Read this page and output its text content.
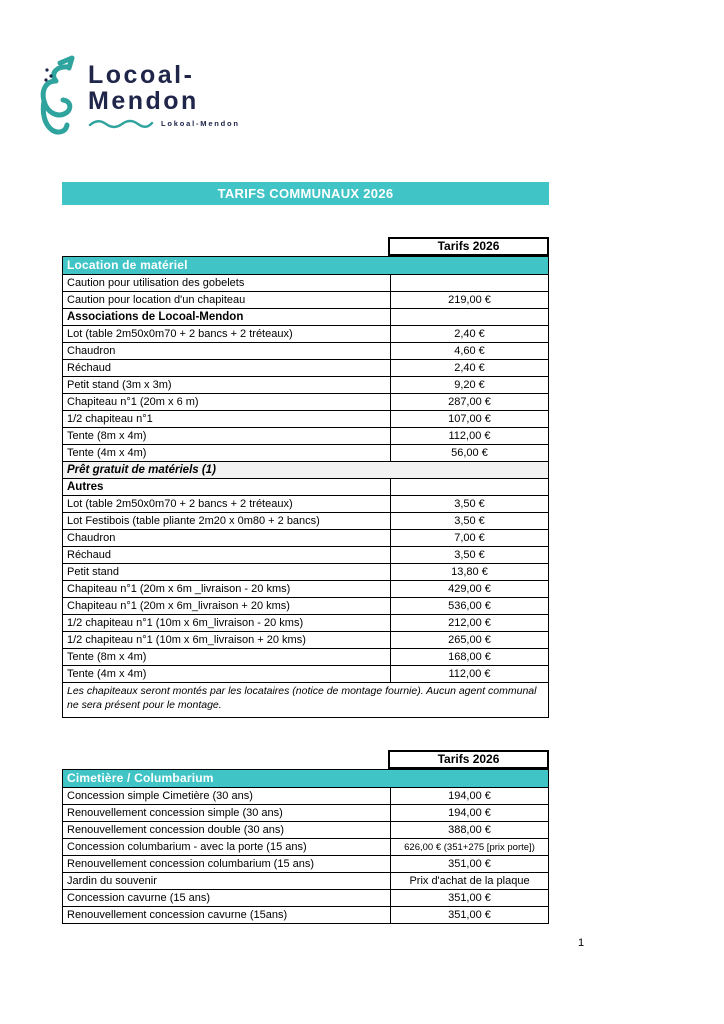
Locoal-
Mendon
Lokoal-Mendon
TARIFS COMMUNAUX 2026
Tarifs 2026
Location de matériel
Caution pour utilisation des gobelets
Caution pour location d'un chapiteau	219,00 €
Associations de Locoal-Mendon
Lot (table 2m50x0m70 + 2 bancs + 2 tréteaux)	2,40 €
Chaudron	4,60 €
Réchaud	2,40 €
Petit stand (3m x 3m)	9,20 €
Chapiteau n°1 (20m x 6 m)	287,00 €
1/2 chapiteau n°1	107,00 €
Tente (8m x 4m)	112,00 €
Tente (4m x 4m)	56,00 €
Prêt gratuit de matériels (1)
Autres
Lot (table 2m50x0m70 + 2 bancs + 2 tréteaux)	3,50 €
Lot Festibois (table pliante 2m20 x 0m80 + 2 bancs)	3,50 €
Chaudron	7,00 €
Réchaud	3,50 €
Petit stand	13,80 €
Chapiteau n°1 (20m x 6m _livraison - 20 kms)	429,00 €
Chapiteau n°1 (20m x 6m_livraison + 20 kms)	536,00 €
1/2 chapiteau n°1 (10m x 6m_livraison - 20 kms)	212,00 €
1/2 chapiteau n°1 (10m x 6m_livraison + 20 kms)	265,00 €
Tente (8m x 4m)	168,00 €
Tente (4m x 4m)	112,00 €
Les chapiteaux seront montés par les locataires (notice de montage fournie). Aucun agent communal ne sera présent pour le montage.
Tarifs 2026
Cimetière / Columbarium
Concession simple Cimetière (30 ans)	194,00 €
Renouvellement concession simple (30 ans)	194,00 €
Renouvellement concession double (30 ans)	388,00 €
Concession columbarium - avec la porte (15 ans)	626,00 € (351+275 [prix porte])
Renouvellement concession columbarium (15 ans)	351,00 €
Jardin du souvenir	Prix d'achat de la plaque
Concession cavurne (15 ans)	351,00 €
Renouvellement concession cavurne (15ans)	351,00 €
1
